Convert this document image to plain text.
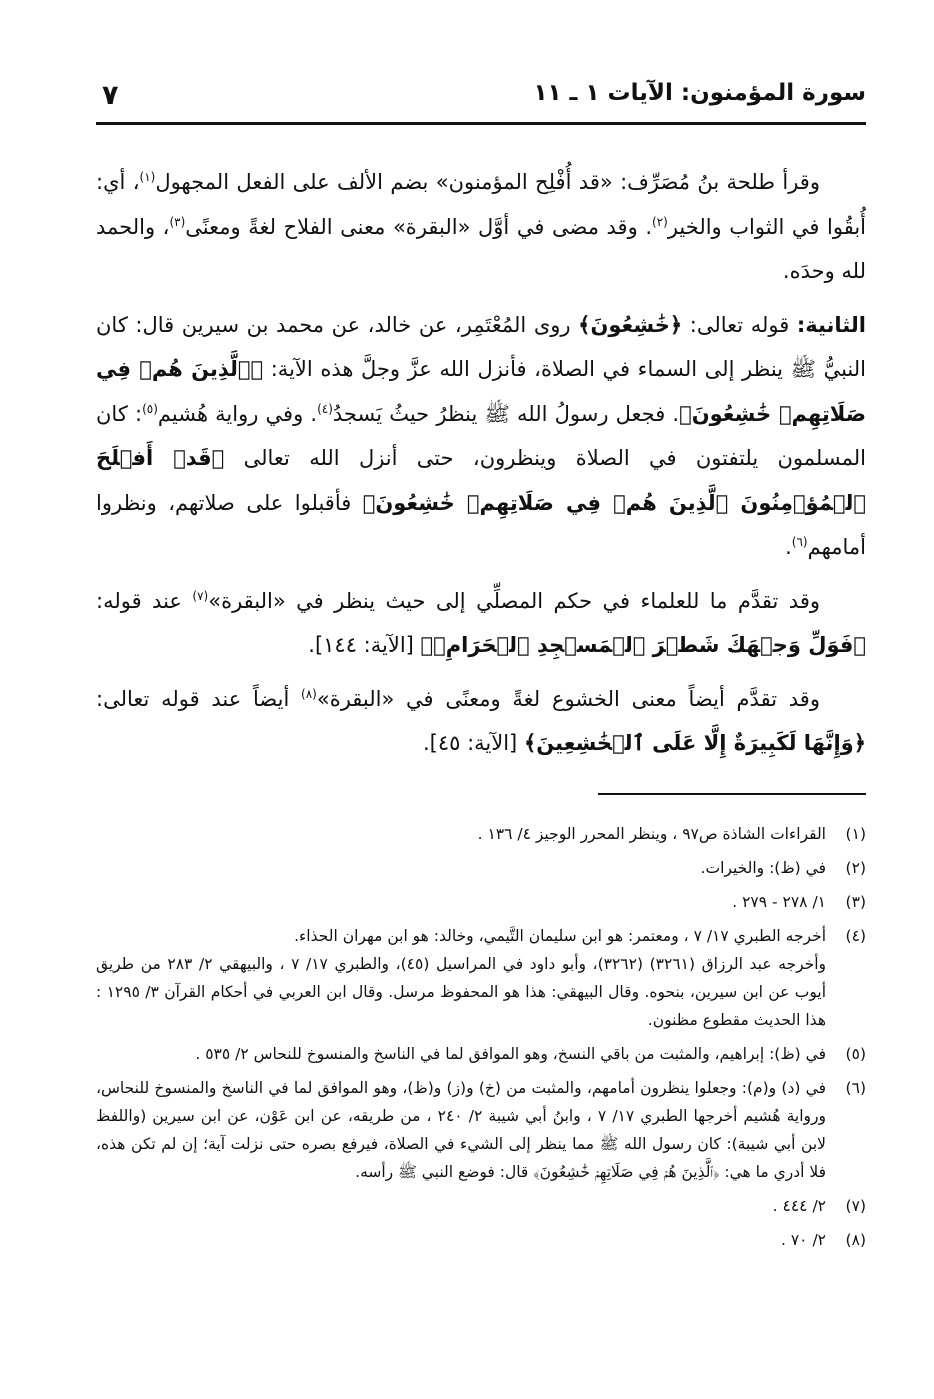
سورة المؤمنون: الآيات ١ ـ ١١
٧

وقرأ طلحة بنُ مُصَرِّف: «قد أُفْلِح المؤمنون» بضم الألف على الفعل المجهول$^{(١)}$، أي: أُبقُوا في الثواب والخير$^{(٢)}$. وقد مضى في أوَّل «البقرة» معنى الفلاح لغةً ومعنًى$^{(٣)}$، والحمد لله وحدَه.

الثانية: قوله تعالى: ﴿خَٰشِعُونَ﴾ روى المُعْتَمِر، عن خالد، عن محمد بن سيرين قال: كان النبيُّ ﷺ ينظر إلى السماء في الصلاة، فأنزل الله عزَّ وجلَّ هذه الآية: ﴿ٱلَّذِينَ هُمۡ فِي صَلَاتِهِمۡ خَٰشِعُونَ﴾. فجعل رسولُ الله ﷺ ينظرُ حيثُ يَسجدُ$^{(٤)}$. وفي رواية هُشيم$^{(٥)}$: كان المسلمون يلتفتون في الصلاة وينظرون، حتى أنزل الله تعالى ﴿قَدۡ أَفۡلَحَ ٱلۡمُؤۡمِنُونَ ٱلَّذِينَ هُمۡ فِي صَلَاتِهِمۡ خَٰشِعُونَ﴾ فأقبلوا على صلاتهم، ونظروا أمامهم$^{(٦)}$.

وقد تقدَّم ما للعلماء في حكم المصلِّي إلى حيث ينظر في «البقرة»$^{(٧)}$ عند قوله: ﴿فَوَلِّ وَجۡهَكَ شَطۡرَ ٱلۡمَسۡجِدِ ٱلۡحَرَامِۚ﴾ [الآية: ١٤٤].

وقد تقدَّم أيضاً معنى الخشوع لغةً ومعنًى في «البقرة»$^{(٨)}$ أيضاً عند قوله تعالى: ﴿وَإِنَّهَا لَكَبِيرَةٌ إِلَّا عَلَى ٱلۡخَٰشِعِينَ﴾ [الآية: ٤٥].

(١)
القراءات الشاذة ص٩٧ ، وينظر المحرر الوجيز ٤/ ١٣٦ .
(٢)
في (ظ): والخيرات.
(٣)
١/ ٢٧٨ - ٢٧٩ .
(٤)
أخرجه الطبري ١٧/ ٧ ، ومعتمر: هو ابن سليمان التَّيمي، وخالد: هو ابن مهران الحذاء.
وأخرجه عبد الرزاق (٣٢٦١) (٣٢٦٢)، وأبو داود في المراسيل (٤٥)، والطبري ١٧/ ٧ ، والبيهقي ٢/ ٢٨٣ من طريق أيوب عن ابن سيرين، بنحوه. وقال البيهقي: هذا هو المحفوظ مرسل. وقال ابن العربي في أحكام القرآن ٣/ ١٢٩٥ : هذا الحديث مقطوع مظنون.
(٥)
في (ظ): إبراهيم، والمثبت من باقي النسخ، وهو الموافق لما في الناسخ والمنسوخ للنحاس ٢/ ٥٣٥ .
(٦)
في (د) و(م): وجعلوا ينظرون أمامهم، والمثبت من (خ) و(ز) و(ظ)، وهو الموافق لما في الناسخ والمنسوخ للنحاس، ورواية هُشيم أخرجها الطبري ١٧/ ٧ ، وابنُ أبي شيبة ٢/ ٢٤٠ ، من طريقه، عن ابن عَوْن، عن ابن سيرين (واللفظ لابن أبي شيبة): كان رسول الله ﷺ مما ينظر إلى الشيء في الصلاة، فيرفع بصره حتى نزلت آية؛ إن لم تكن هذه، فلا أدري ما هي: ﴿ٱلَّذِينَ هُمۡ فِي صَلَاتِهِمۡ خَٰشِعُونَ﴾ قال: فوضع النبي ﷺ رأسه.
(٧)
٢/ ٤٤٤ .
(٨)
٢/ ٧٠ .
